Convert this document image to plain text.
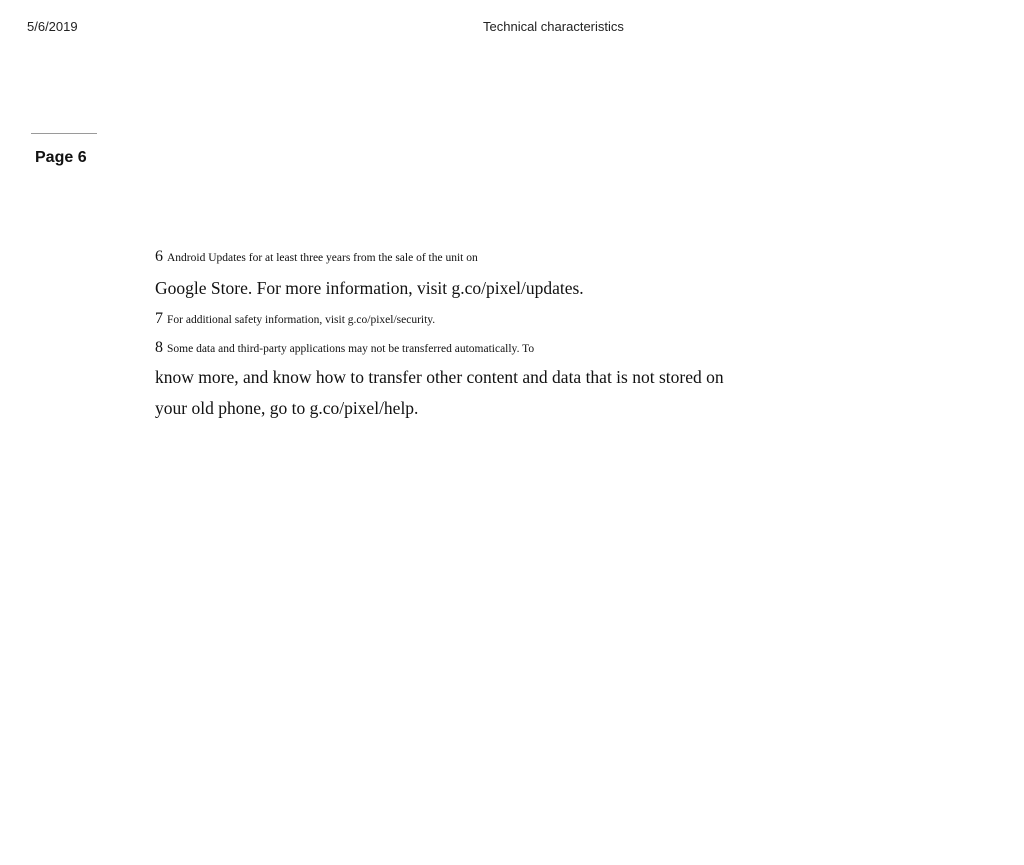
5/6/2019	Technical characteristics
Page 6
6 Android Updates for at least three years from the sale of the unit on
Google Store. For more information, visit g.co/pixel/updates.
7 For additional safety information, visit g.co/pixel/security.
8 Some data and third-party applications may not be transferred automatically. To
know more, and know how to transfer other content and data that is not stored on
your old phone, go to g.co/pixel/help.
